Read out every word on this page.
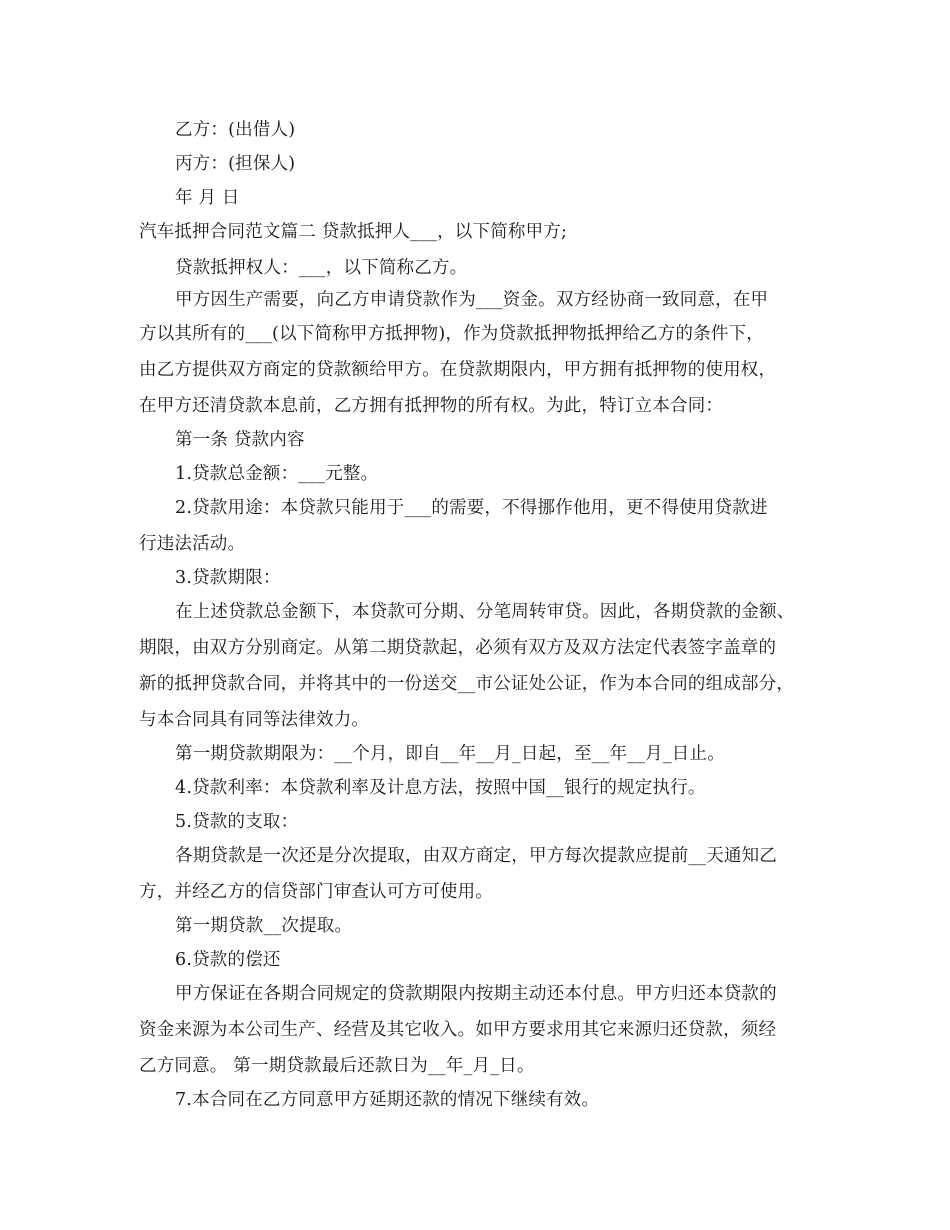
乙方：(出借人)
丙方：(担保人)
年 月 日
汽车抵押合同范文篇二 贷款抵押人___，以下简称甲方;
贷款抵押权人：___，以下简称乙方。
甲方因生产需要，向乙方申请贷款作为___资金。双方经协商一致同意，在甲
方以其所有的___(以下简称甲方抵押物)，作为贷款抵押物抵押给乙方的条件下，
由乙方提供双方商定的贷款额给甲方。在贷款期限内，甲方拥有抵押物的使用权，
在甲方还清贷款本息前，乙方拥有抵押物的所有权。为此，特订立本合同：
第一条 贷款内容
1.贷款总金额：___元整。
2.贷款用途：本贷款只能用于___的需要，不得挪作他用，更不得使用贷款进
行违法活动。
3.贷款期限：
在上述贷款总金额下，本贷款可分期、分笔周转审贷。因此，各期贷款的金额、
期限，由双方分别商定。从第二期贷款起，必须有双方及双方法定代表签字盖章的
新的抵押贷款合同，并将其中的一份送交__市公证处公证，作为本合同的组成部分，
与本合同具有同等法律效力。
第一期贷款期限为：__个月，即自__年__月_日起，至__年__月_日止。
4.贷款利率：本贷款利率及计息方法，按照中国__银行的规定执行。
5.贷款的支取：
各期贷款是一次还是分次提取，由双方商定，甲方每次提款应提前__天通知乙
方，并经乙方的信贷部门审查认可方可使用。
第一期贷款__次提取。
6.贷款的偿还
甲方保证在各期合同规定的贷款期限内按期主动还本付息。甲方归还本贷款的
资金来源为本公司生产、经营及其它收入。如甲方要求用其它来源归还贷款，须经
乙方同意。 第一期贷款最后还款日为__年_月_日。
7.本合同在乙方同意甲方延期还款的情况下继续有效。
